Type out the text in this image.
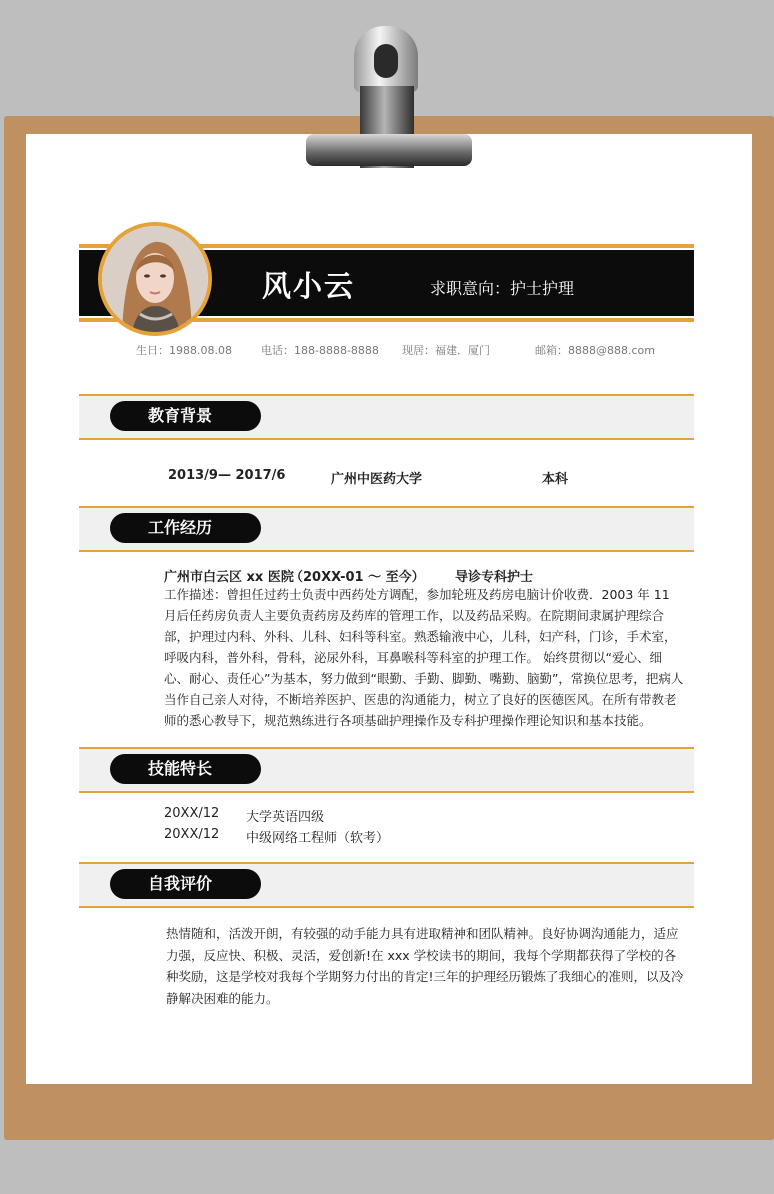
风小云	求职意向：护士护理
生日：1988.08.08	电话：188-8888-8888 现居：福建．厦门	邮箱：8888@888.com
教育背景
2013/9— 2017/6	广州中医药大学	本科
工作经历
广州市白云区 xx 医院
（20XX-01 ～ 至今） 导诊专科护士
工作描述：曾担任过药士负责中西药处方调配，参加轮班及药房电脑计价收费．2003 年 11 月后任药房负责人主要负责药房及药库的管理工作，以及药品采购。在院期间隶属护理综合部，护理过内科、外科、儿科、妇科等科室。熟悉输液中心，儿科，妇产科，门诊，手术室，呼吸内科，普外科，骨科，泌尿外科，耳鼻喉科等科室的护理工作。 始终贯彻以“爱心、细心、耐心、责任心”为基本，努力做到“眼勤、手勤、脚勤、嘴勤、脑勤”，常换位思考，把病人当作自己亲人对待，不断培养医护、医患的沟通能力，树立了良好的医德医风。在所有带教老师的悉心教导下，规范熟练进行各项基础护理操作及专科护理操作理论知识和基本技能。
技能特长
20XX/12 大学英语四级
20XX/12 中级网络工程师（软考）
自我评价
热情随和，活泼开朗，有较强的动手能力具有进取精神和团队精神。良好协调沟通能力，适应力强，反应快、积极、灵活，爱创新!在 xxx 学校读书的期间，我每个学期都获得了学校的各种奖励，这是学校对我每个学期努力付出的肯定!三年的护理经历锻炼了我细心的准则，以及冷静解决困难的能力。
